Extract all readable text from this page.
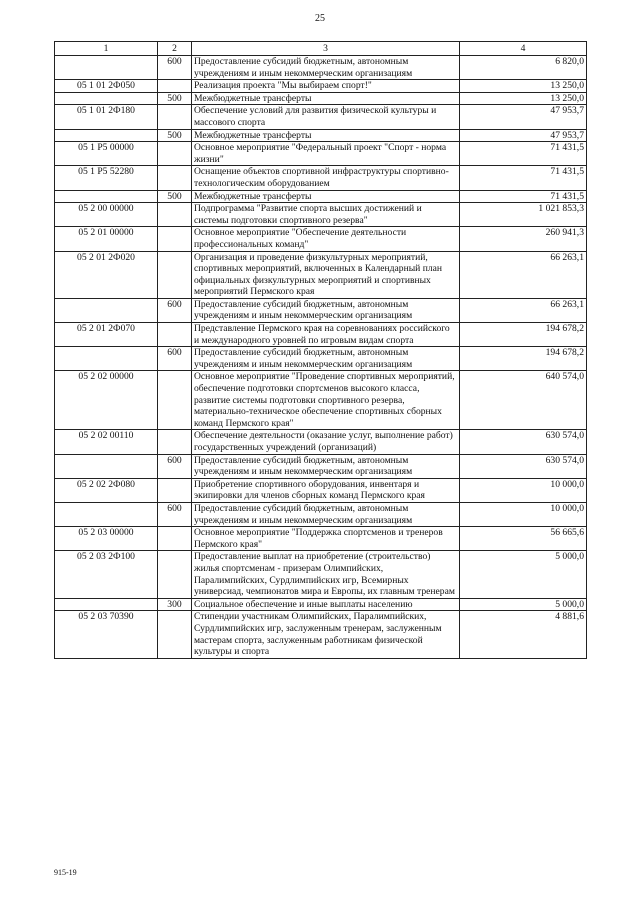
25
1	2	3	4
	600	Предоставление субсидий бюджетным, автономным учреждениям и иным некоммерческим организациям	6 820,0
05 1 01 2Ф050		Реализация проекта "Мы выбираем спорт!"	13 250,0
	500	Межбюджетные трансферты	13 250,0
05 1 01 2Ф180		Обеспечение условий для развития физической культуры и массового спорта	47 953,7
	500	Межбюджетные трансферты	47 953,7
05 1 P5 00000		Основное мероприятие "Федеральный проект "Спорт - норма жизни"	71 431,5
05 1 P5 52280		Оснащение объектов спортивной инфраструктуры спортивно-технологическим оборудованием	71 431,5
	500	Межбюджетные трансферты	71 431,5
05 2 00 00000		Подпрограмма "Развитие спорта высших достижений и системы подготовки спортивного резерва"	1 021 853,3
05 2 01 00000		Основное мероприятие "Обеспечение деятельности профессиональных команд"	260 941,3
05 2 01 2Ф020		Организация и проведение физкультурных мероприятий, спортивных мероприятий, включенных в Календарный план официальных физкультурных мероприятий и спортивных мероприятий Пермского края	66 263,1
	600	Предоставление субсидий бюджетным, автономным учреждениям и иным некоммерческим организациям	66 263,1
05 2 01 2Ф070		Представление Пермского края на соревнованиях российского и международного уровней по игровым видам спорта	194 678,2
	600	Предоставление субсидий бюджетным, автономным учреждениям и иным некоммерческим организациям	194 678,2
05 2 02 00000		Основное мероприятие "Проведение спортивных мероприятий, обеспечение подготовки спортсменов высокого класса, развитие системы подготовки спортивного резерва, материально-техническое обеспечение спортивных сборных команд Пермского края"	640 574,0
05 2 02 00110		Обеспечение деятельности (оказание услуг, выполнение работ) государственных учреждений (организаций)	630 574,0
	600	Предоставление субсидий бюджетным, автономным учреждениям и иным некоммерческим организациям	630 574,0
05 2 02 2Ф080		Приобретение спортивного оборудования, инвентаря и экипировки для членов сборных команд Пермского края	10 000,0
	600	Предоставление субсидий бюджетным, автономным учреждениям и иным некоммерческим организациям	10 000,0
05 2 03 00000		Основное мероприятие "Поддержка спортсменов и тренеров Пермского края"	56 665,6
05 2 03 2Ф100		Предоставление выплат на приобретение (строительство) жилья спортсменам - призерам Олимпийских, Паралимпийских, Сурдлимпийских игр, Всемирных универсиад, чемпионатов мира и Европы, их главным тренерам	5 000,0
	300	Социальное обеспечение и иные выплаты населению	5 000,0
05 2 03 70390		Стипендии участникам Олимпийских, Паралимпийских, Сурдлимпийских игр, заслуженным тренерам, заслуженным мастерам спорта, заслуженным работникам физической культуры и спорта	4 881,6
915-19
